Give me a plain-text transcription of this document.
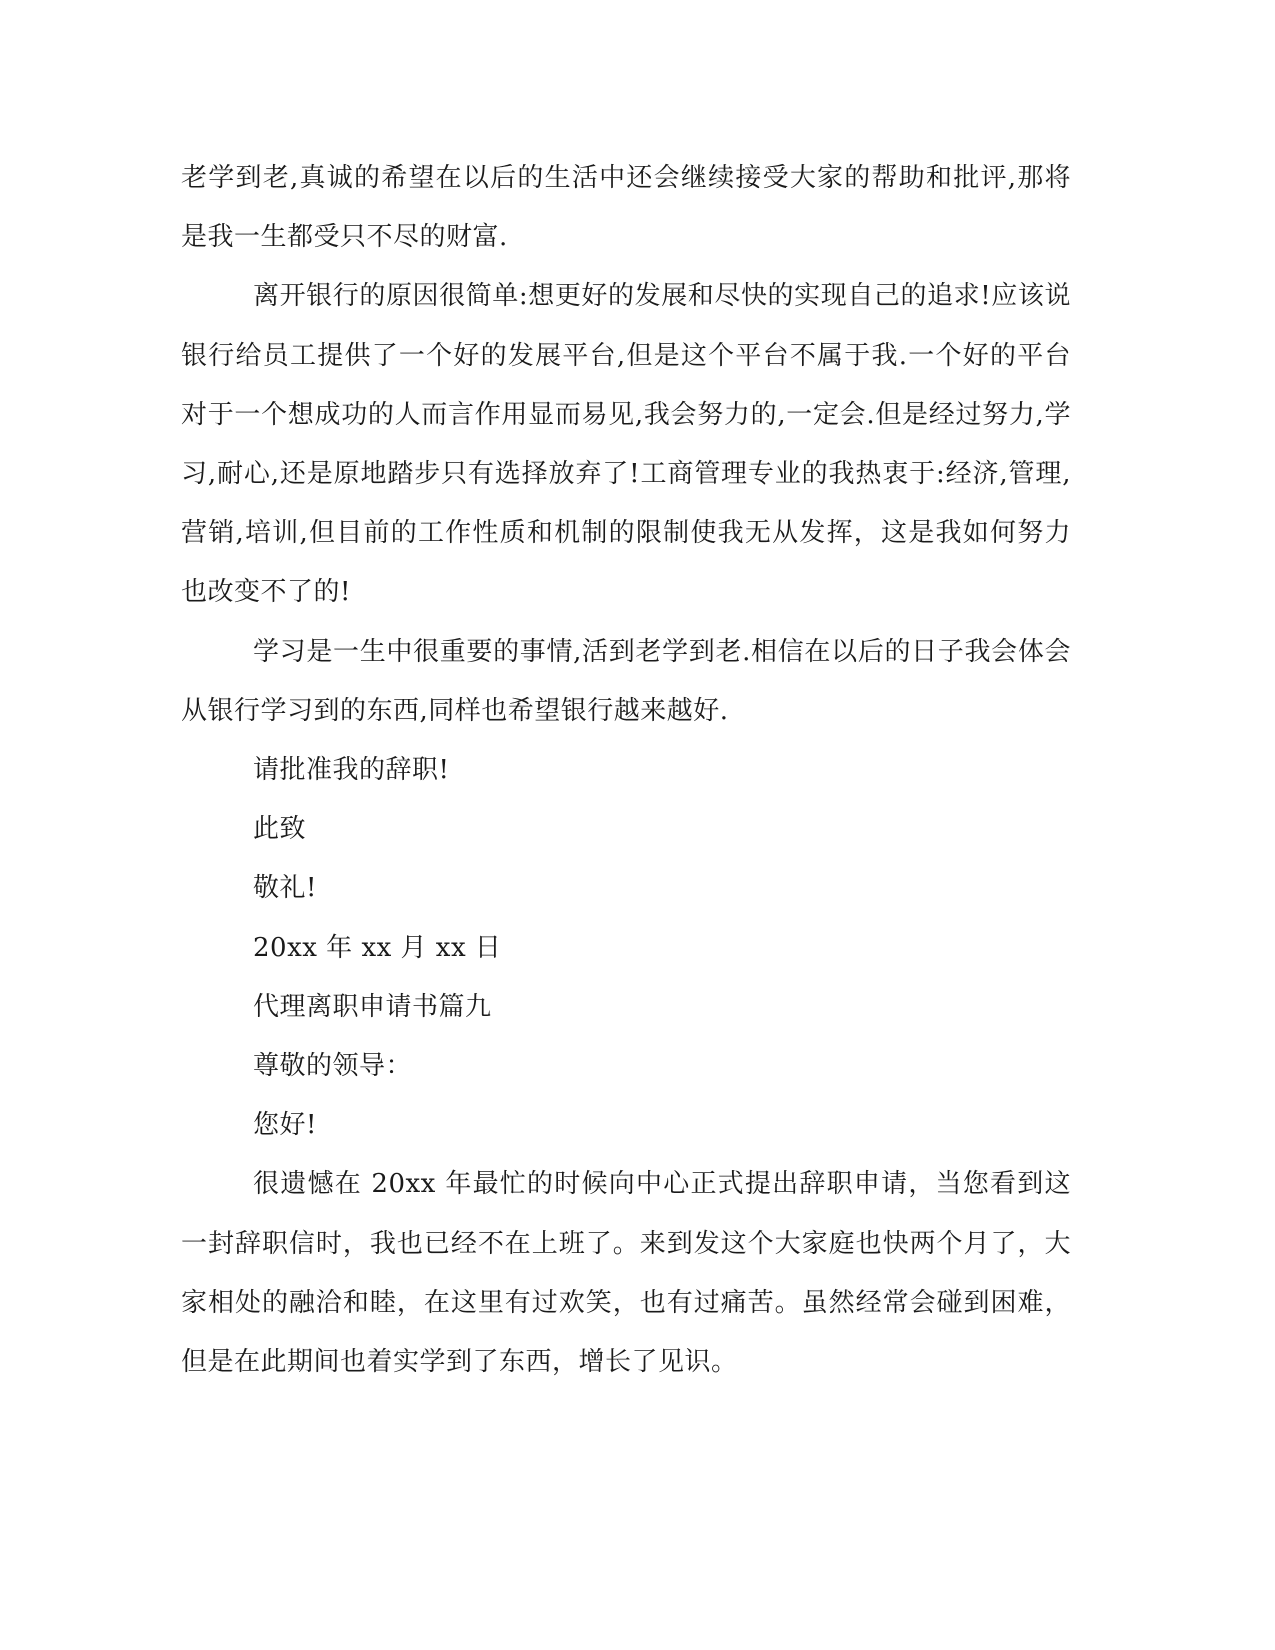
老学到老,真诚的希望在以后的生活中还会继续接受大家的帮助和批评,那将是我一生都受只不尽的财富.

离开银行的原因很简单:想更好的发展和尽快的实现自己的追求!应该说银行给员工提供了一个好的发展平台,但是这个平台不属于我.一个好的平台对于一个想成功的人而言作用显而易见,我会努力的,一定会.但是经过努力,学习,耐心,还是原地踏步只有选择放弃了!工商管理专业的我热衷于:经济,管理,营销,培训,但目前的工作性质和机制的限制使我无从发挥，这是我如何努力也改变不了的!

学习是一生中很重要的事情,活到老学到老.相信在以后的日子我会体会从银行学习到的东西,同样也希望银行越来越好.

请批准我的辞职!

此致

敬礼!

20xx 年 xx 月 xx 日

代理离职申请书篇九

尊敬的领导：

您好!

很遗憾在 20xx 年最忙的时候向中心正式提出辞职申请，当您看到这一封辞职信时，我也已经不在上班了。来到发这个大家庭也快两个月了，大家相处的融洽和睦，在这里有过欢笑，也有过痛苦。虽然经常会碰到困难，但是在此期间也着实学到了东西，增长了见识。
